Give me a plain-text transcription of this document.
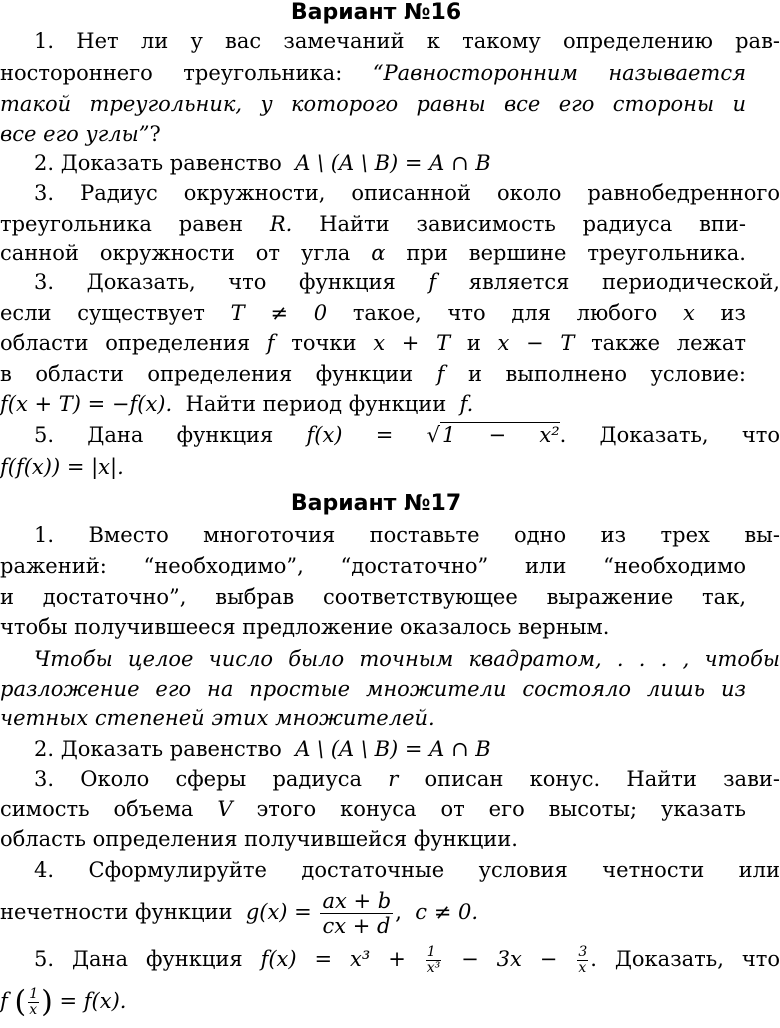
Вариант №16
1. Нет ли у вас замечаний к такому определению рав-
ностороннего треугольника: “Равносторонним называется
такой треугольник, у которого равны все его стороны и
все его углы”?
2. Доказать равенство A \ (A \ B) = A ∩ B
3. Радиус окружности, описанной около равнобедренного
треугольника равен R. Найти зависимость радиуса впи-
санной окружности от угла α при вершине треугольника.
3. Доказать, что функция f является периодической,
если существует T ≠ 0 такое, что для любого x из
области определения f точки x + T и x − T также лежат
в области определения функции f и выполнено условие:
f(x + T) = −f(x). Найти период функции f.
5. Дана функция f(x) = √1 − x². Доказать, что
f(f(x)) = |x|.
Вариант №17
1. Вместо многоточия поставьте одно из трех вы-
ражений: “необходимо”, “достаточно” или “необходимо
и достаточно”, выбрав соответствующее выражение так,
чтобы получившееся предложение оказалось верным.
Чтобы целое число было точным квадратом, . . . , чтобы
разложение его на простые множители состояло лишь из
четных степеней этих множителей.
2. Доказать равенство A \ (A \ B) = A ∩ B
3. Около сферы радиуса r описан конус. Найти зави-
симость объема V этого конуса от его высоты; указать
область определения получившейся функции.
4. Сформулируйте достаточные условия четности или
нечетности функции $g(x) = \frac{ax + b}{cx + d}$ , c ≠ 0.
5. Дана функция $f(x) = x^3 + \frac{1}{\text{x³}} - 3x - \frac{3}{x}$ . Доказать, что
f ( $\frac{1}{x}$ ) = f(x).
